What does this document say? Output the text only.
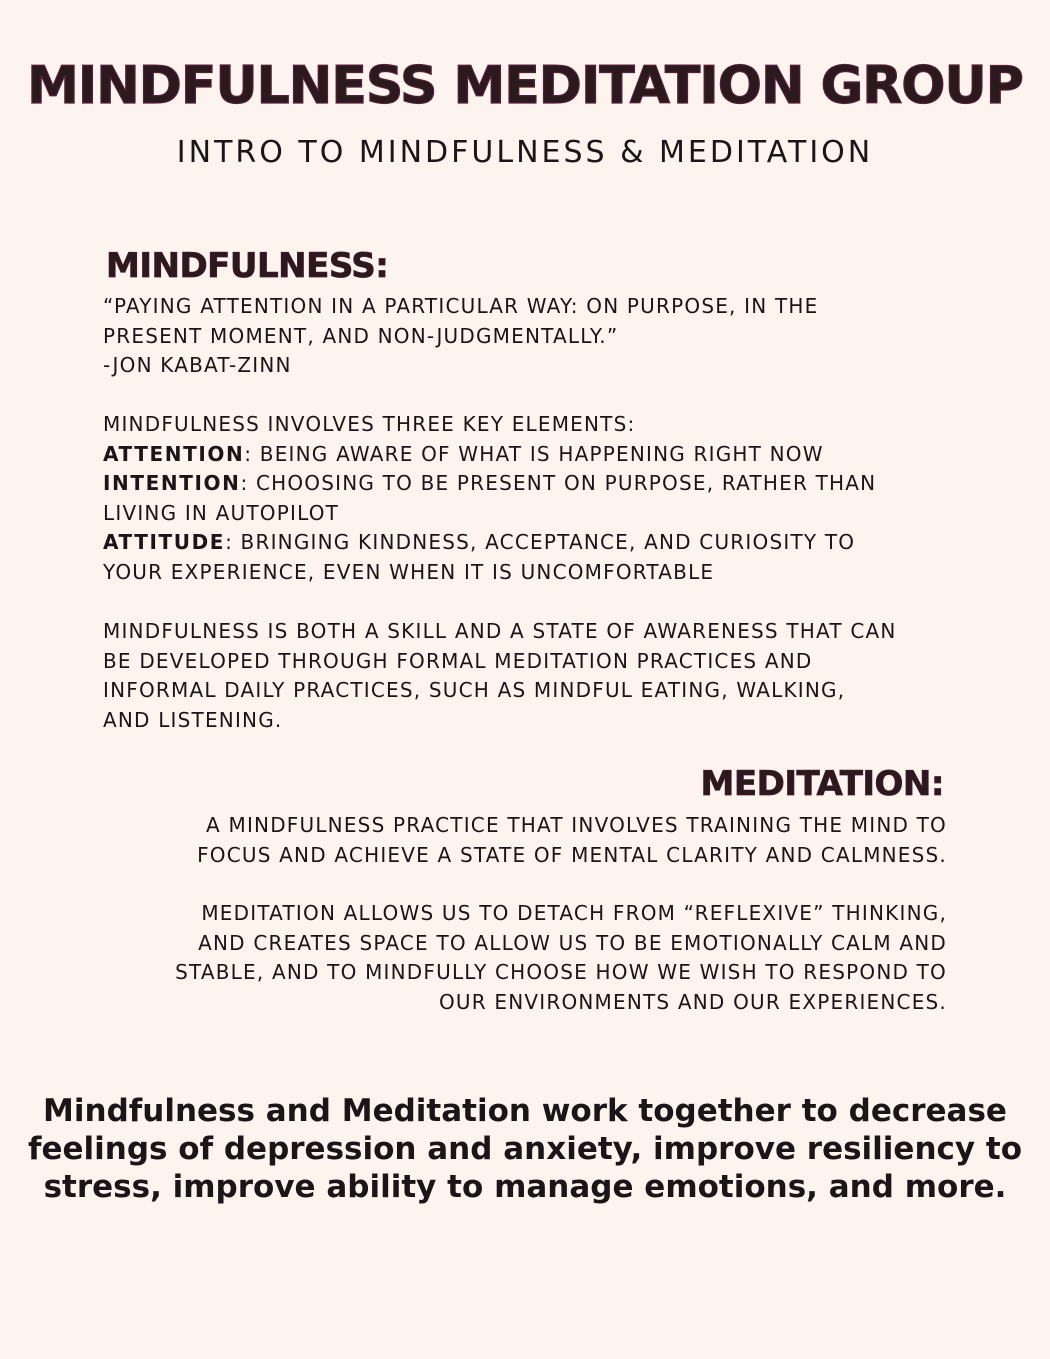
MINDFULNESS MEDITATION GROUP
INTRO TO MINDFULNESS & MEDITATION
MINDFULNESS:
“PAYING ATTENTION IN A PARTICULAR WAY: ON PURPOSE, IN THE
PRESENT MOMENT, AND NON-JUDGMENTALLY.”
-JON KABAT-ZINN
MINDFULNESS INVOLVES THREE KEY ELEMENTS:
ATTENTION: BEING AWARE OF WHAT IS HAPPENING RIGHT NOW
INTENTION: CHOOSING TO BE PRESENT ON PURPOSE, RATHER THAN
LIVING IN AUTOPILOT
ATTITUDE: BRINGING KINDNESS, ACCEPTANCE, AND CURIOSITY TO
YOUR EXPERIENCE, EVEN WHEN IT IS UNCOMFORTABLE
MINDFULNESS IS BOTH A SKILL AND A STATE OF AWARENESS THAT CAN
BE DEVELOPED THROUGH FORMAL MEDITATION PRACTICES AND
INFORMAL DAILY PRACTICES, SUCH AS MINDFUL EATING, WALKING,
AND LISTENING.
MEDITATION:
A MINDFULNESS PRACTICE THAT INVOLVES TRAINING THE MIND TO
FOCUS AND ACHIEVE A STATE OF MENTAL CLARITY AND CALMNESS.
MEDITATION ALLOWS US TO DETACH FROM “REFLEXIVE” THINKING,
AND CREATES SPACE TO ALLOW US TO BE EMOTIONALLY CALM AND
STABLE, AND TO MINDFULLY CHOOSE HOW WE WISH TO RESPOND TO
OUR ENVIRONMENTS AND OUR EXPERIENCES.
Mindfulness and Meditation work together to decrease
feelings of depression and anxiety, improve resiliency to
stress, improve ability to manage emotions, and more.
